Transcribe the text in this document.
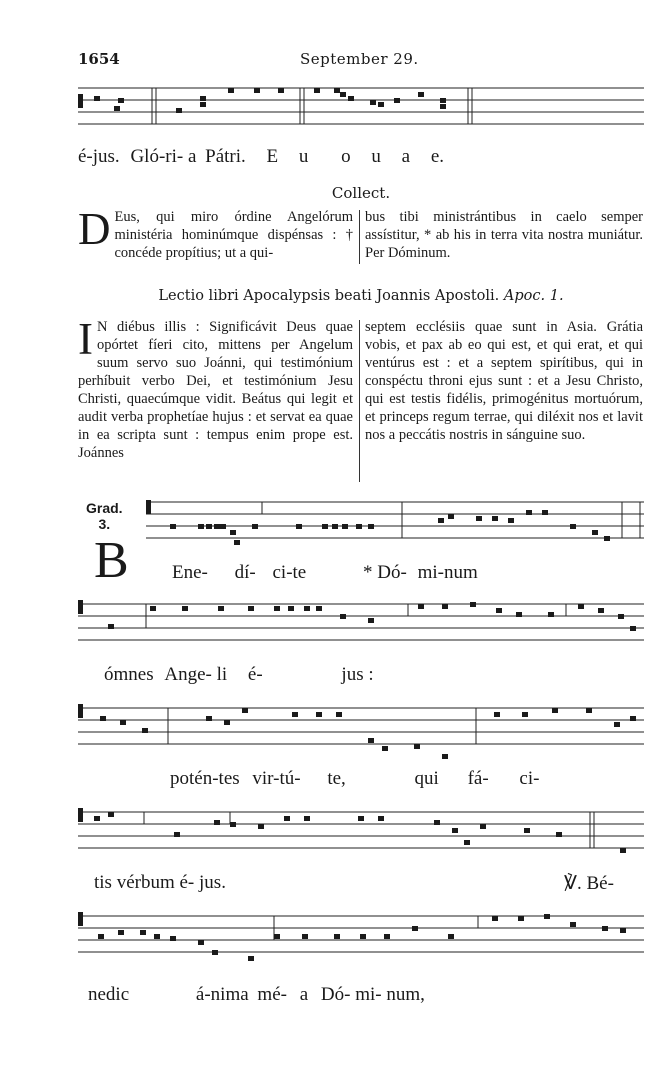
1654	September 29.
é-jus. Gló-ri- a Pátri. E u o u a e.
Collect.
D Eus, qui miro órdine Angelórum ministéria hominúmque dispénsas : † concéde propítius; ut a qui-
bus tibi ministrántibus in caelo semper assístitur, * ab his in terra vita nostra muniátur. Per Dóminum.
Lectio libri Apocalypsis beati Joannis Apostoli. Apoc. 1.
I N diébus illis : Significávit Deus quae opórtet fíeri cito, mittens per Angelum suum servo suo Joánni, qui testimónium perhíbuit verbo Dei, et testimónium Jesu Christi, quaecúmque vidit. Beátus qui legit et audit verba prophetíae hujus : et servat ea quae in ea scripta sunt : tempus enim prope est. Joánnes
septem ecclésiis quae sunt in Asia. Grátia vobis, et pax ab eo qui est, et qui erat, et qui ventúrus est : et a septem spirítibus, qui in conspéctu throni ejus sunt : et a Jesu Christo, qui est testis fidélis, primogénitus mortuórum, et princeps regum terrae, qui diléxit nos et lavit nos a peccátis nostris in sánguine suo.
Grad.
3.
B Ene- dí- ci-te	* Dó- mi-num
ómnes Ange- li é-	jus :
potén-tes vir-tú- te,	qui fá- ci-
tis vérbum é- jus.	℣. Bé-
nedic	á-nima mé- a Dó- mi- num,
